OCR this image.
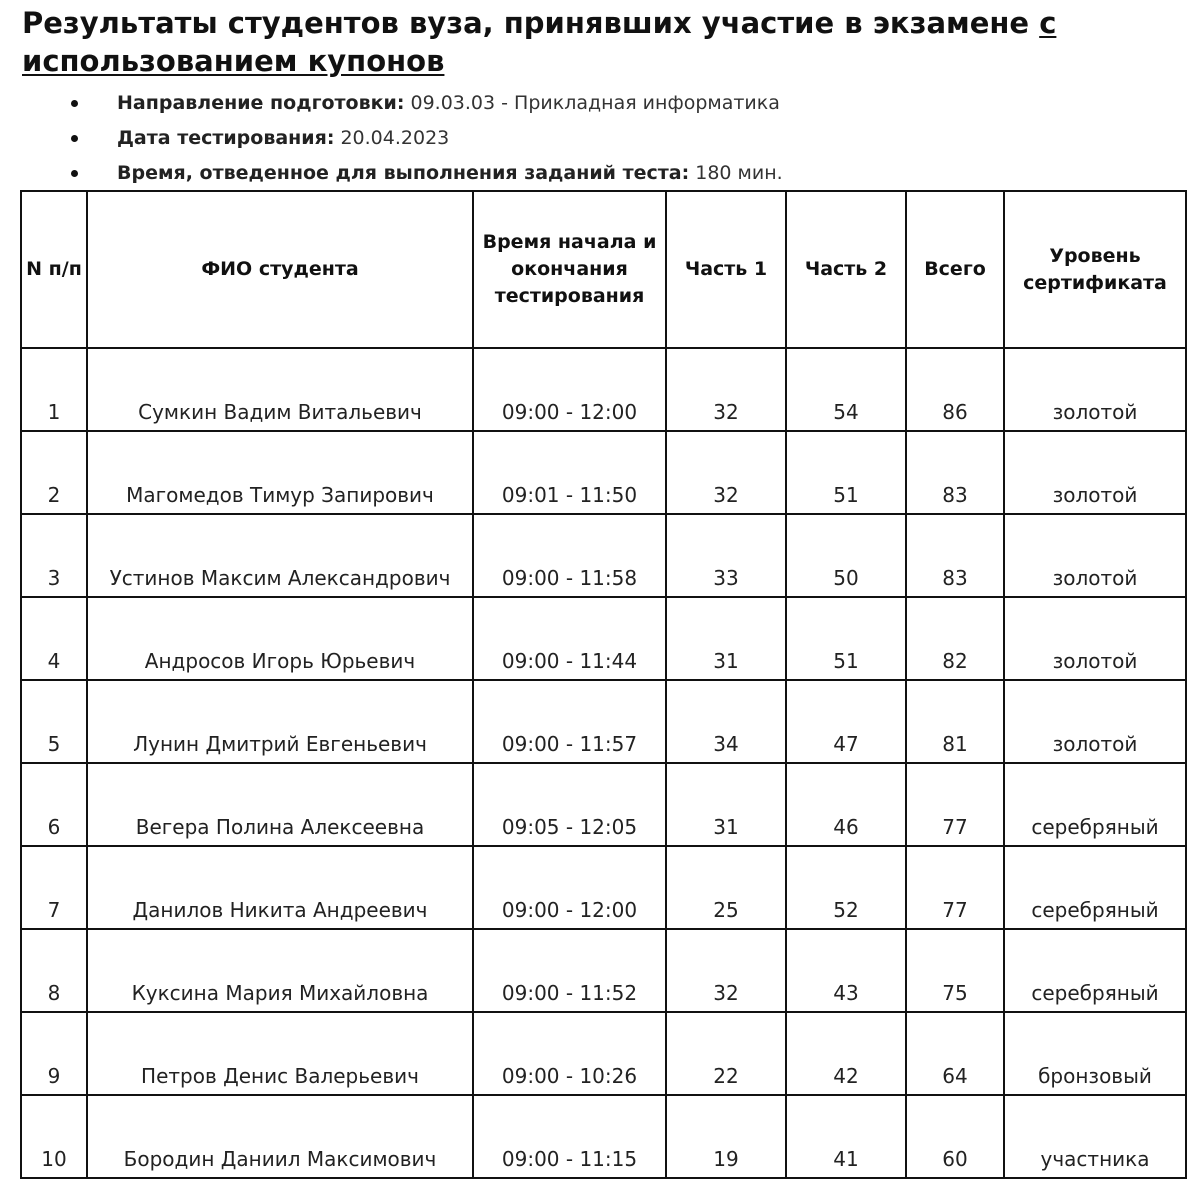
Результаты студентов вуза, принявших участие в экзамене с использованием купонов
Направление подготовки: 09.03.03 - Прикладная информатика
Дата тестирования: 20.04.2023
Время, отведенное для выполнения заданий теста: 180 мин.
N п/п	ФИО студента	Время начала и окончания тестирования	Часть 1	Часть 2	Всего	Уровень сертификата
1	Сумкин Вадим Витальевич	09:00 - 12:00	32	54	86	золотой
2	Магомедов Тимур Запирович	09:01 - 11:50	32	51	83	золотой
3	Устинов Максим Александрович	09:00 - 11:58	33	50	83	золотой
4	Андросов Игорь Юрьевич	09:00 - 11:44	31	51	82	золотой
5	Лунин Дмитрий Евгеньевич	09:00 - 11:57	34	47	81	золотой
6	Вегера Полина Алексеевна	09:05 - 12:05	31	46	77	серебряный
7	Данилов Никита Андреевич	09:00 - 12:00	25	52	77	серебряный
8	Куксина Мария Михайловна	09:00 - 11:52	32	43	75	серебряный
9	Петров Денис Валерьевич	09:00 - 10:26	22	42	64	бронзовый
10	Бородин Даниил Максимович	09:00 - 11:15	19	41	60	участника
